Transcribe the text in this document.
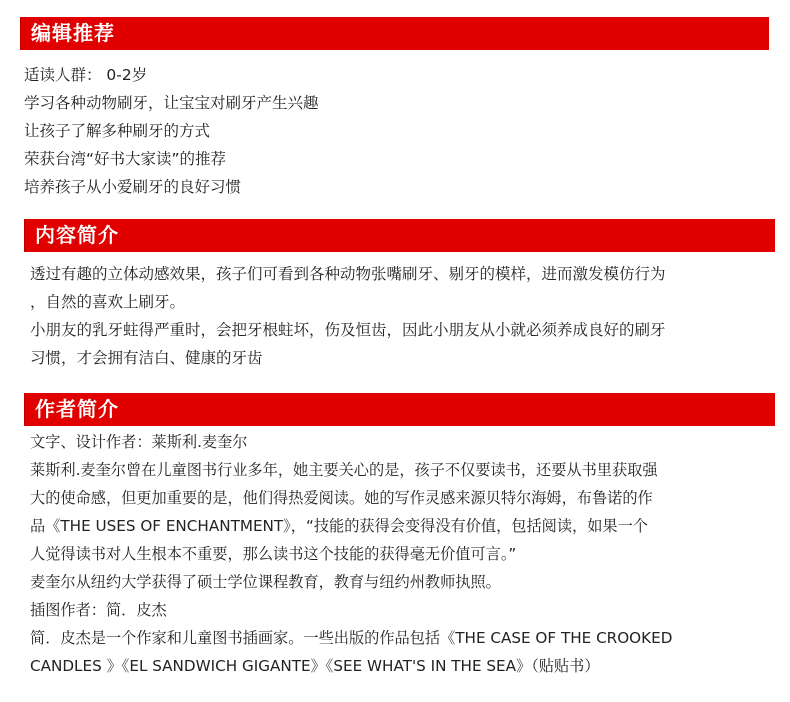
编辑推荐
适读人群： 0-2岁
学习各种动物刷牙，让宝宝对刷牙产生兴趣
让孩子了解多种刷牙的方式
荣获台湾“好书大家读”的推荐
培养孩子从小爱刷牙的良好习惯
内容简介
透过有趣的立体动感效果，孩子们可看到各种动物张嘴刷牙、剔牙的模样，进而激发模仿行为
，自然的喜欢上刷牙。
小朋友的乳牙蛀得严重时，会把牙根蛀坏，伤及恒齿，因此小朋友从小就必须养成良好的刷牙
习惯，才会拥有洁白、健康的牙齿
作者简介
文字、设计作者：莱斯利.麦奎尔
莱斯利.麦奎尔曾在儿童图书行业多年，她主要关心的是，孩子不仅要读书，还要从书里获取强
大的使命感，但更加重要的是，他们得热爱阅读。她的写作灵感来源贝特尔海姆，布鲁诺的作
品《THE USES OF ENCHANTMENT》，“技能的获得会变得没有价值，包括阅读，如果一个
人觉得读书对人生根本不重要，那么读书这个技能的获得毫无价值可言。”
麦奎尔从纽约大学获得了硕士学位课程教育，教育与纽约州教师执照。
插图作者：简．皮杰
简．皮杰是一个作家和儿童图书插画家。一些出版的作品包括《THE CASE OF THE CROOKED
CANDLES 》《EL SANDWICH GIGANTE》《SEE WHAT'S IN THE SEA》（贴贴书）
